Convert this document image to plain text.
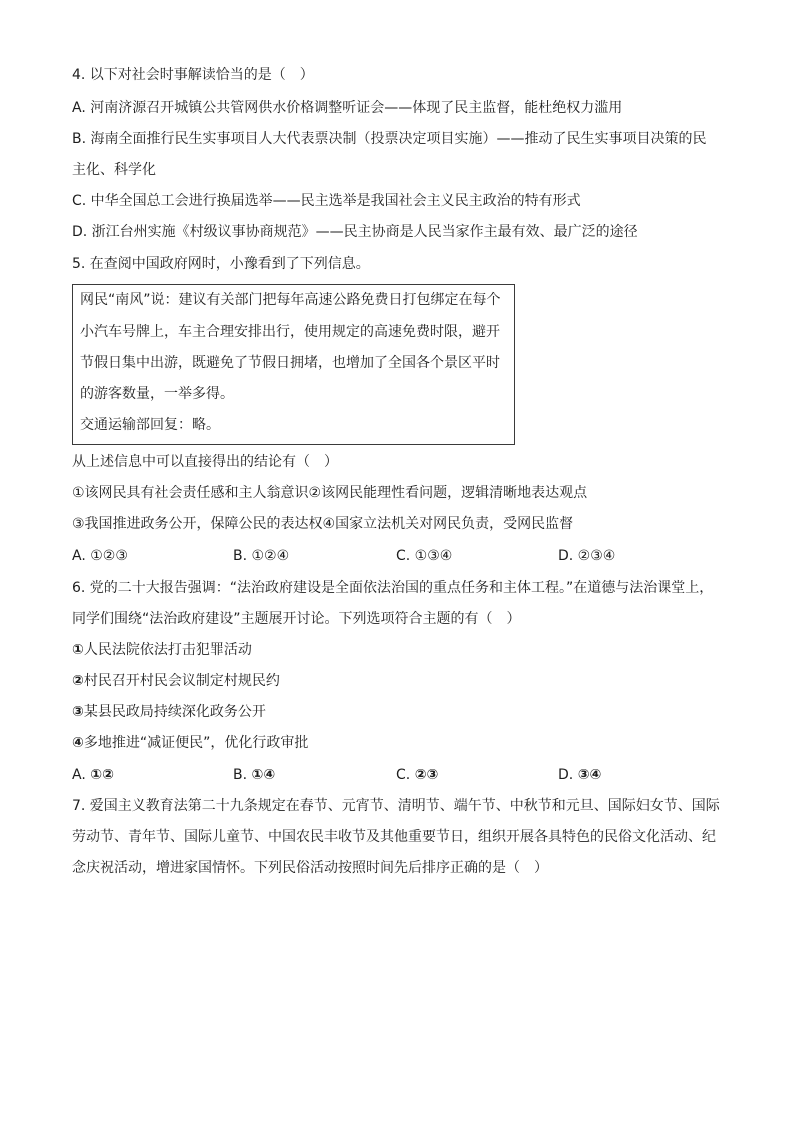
4. 以下对社会时事解读恰当的是（　）
A. 河南济源召开城镇公共管网供水价格调整听证会——体现了民主监督，能杜绝权力滥用
B. 海南全面推行民生实事项目人大代表票决制（投票决定项目实施）——推动了民生实事项目决策的民
主化、科学化
C. 中华全国总工会进行换届选举——民主选举是我国社会主义民主政治的特有形式
D. 浙江台州实施《村级议事协商规范》——民主协商是人民当家作主最有效、最广泛的途径
5. 在查阅中国政府网时，小豫看到了下列信息。
网民“南风”说：建议有关部门把每年高速公路免费日打包绑定在每个
小汽车号牌上，车主合理安排出行，使用规定的高速免费时限，避开
节假日集中出游，既避免了节假日拥堵，也增加了全国各个景区平时
的游客数量，一举多得。
交通运输部回复：略。
从上述信息中可以直接得出的结论有（　）
①该网民具有社会责任感和主人翁意识②该网民能理性看问题，逻辑清晰地表达观点
③我国推进政务公开，保障公民的表达权④国家立法机关对网民负责，受网民监督
A. ①②③	B. ①②④	C. ①③④	D. ②③④
6. 党的二十大报告强调：“法治政府建设是全面依法治国的重点任务和主体工程。”在道德与法治课堂上，
同学们围绕“法治政府建设”主题展开讨论。下列选项符合主题的有（　）
①人民法院依法打击犯罪活动
②村民召开村民会议制定村规民约
③某县民政局持续深化政务公开
④多地推进“减证便民”，优化行政审批
A. ①②	B. ①④	C. ②③	D. ③④
7. 爱国主义教育法第二十九条规定在春节、元宵节、清明节、端午节、中秋节和元旦、国际妇女节、国际
劳动节、青年节、国际儿童节、中国农民丰收节及其他重要节日，组织开展各具特色的民俗文化活动、纪
念庆祝活动，增进家国情怀。下列民俗活动按照时间先后排序正确的是（　）
